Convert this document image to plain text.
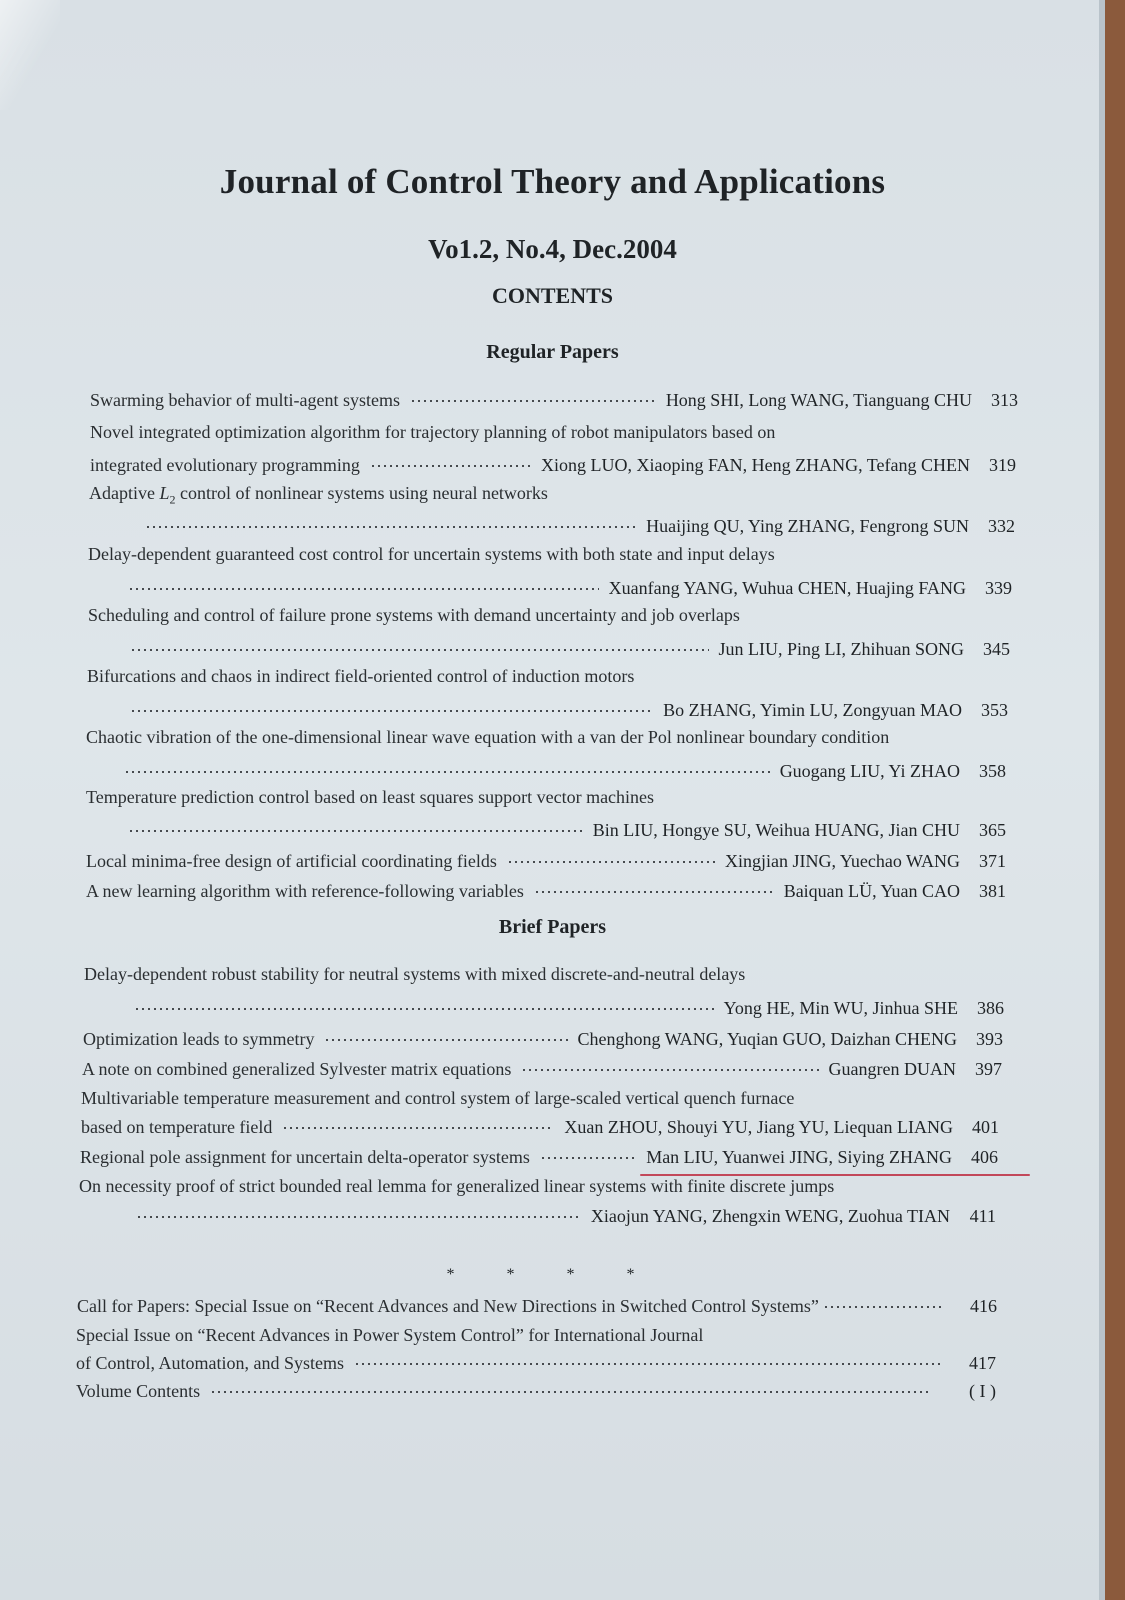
Journal of Control Theory and Applications
Vo1.2, No.4, Dec.2004
CONTENTS
Regular Papers
Swarming behavior of multi-agent systems	Hong SHI, Long WANG, Tianguang CHU	313
Novel integrated optimization algorithm for trajectory planning of robot manipulators based on
integrated evolutionary programming	Xiong LUO, Xiaoping FAN, Heng ZHANG, Tefang CHEN	319
Adaptive $L_2$ control of nonlinear systems using neural networks
Huaijing QU, Ying ZHANG, Fengrong SUN	332
Delay-dependent guaranteed cost control for uncertain systems with both state and input delays
Xuanfang YANG, Wuhua CHEN, Huajing FANG	339
Scheduling and control of failure prone systems with demand uncertainty and job overlaps
Jun LIU, Ping LI, Zhihuan SONG	345
Bifurcations and chaos in indirect field-oriented control of induction motors
Bo ZHANG, Yimin LU, Zongyuan MAO	353
Chaotic vibration of the one-dimensional linear wave equation with a van der Pol nonlinear boundary condition
Guogang LIU, Yi ZHAO	358
Temperature prediction control based on least squares support vector machines
Bin LIU, Hongye SU, Weihua HUANG, Jian CHU	365
Local minima-free design of artificial coordinating fields	Xingjian JING, Yuechao WANG	371
A new learning algorithm with reference-following variables	Baiquan LÜ, Yuan CAO	381
Brief Papers
Delay-dependent robust stability for neutral systems with mixed discrete-and-neutral delays
Yong HE, Min WU, Jinhua SHE	386
Optimization leads to symmetry	Chenghong WANG, Yuqian GUO, Daizhan CHENG	393
A note on combined generalized Sylvester matrix equations	Guangren DUAN	397
Multivariable temperature measurement and control system of large-scaled vertical quench furnace
based on temperature field	Xuan ZHOU, Shouyi YU, Jiang YU, Liequan LIANG	401
Regional pole assignment for uncertain delta-operator systems	Man LIU, Yuanwei JING, Siying ZHANG	406
On necessity proof of strict bounded real lemma for generalized linear systems with finite discrete jumps
Xiaojun YANG, Zhengxin WENG, Zuohua TIAN	411
* * * *
Call for Papers: Special Issue on “Recent Advances and New Directions in Switched Control Systems”	416
Special Issue on “Recent Advances in Power System Control” for International Journal
of Control, Automation, and Systems	417
Volume Contents	( I )
